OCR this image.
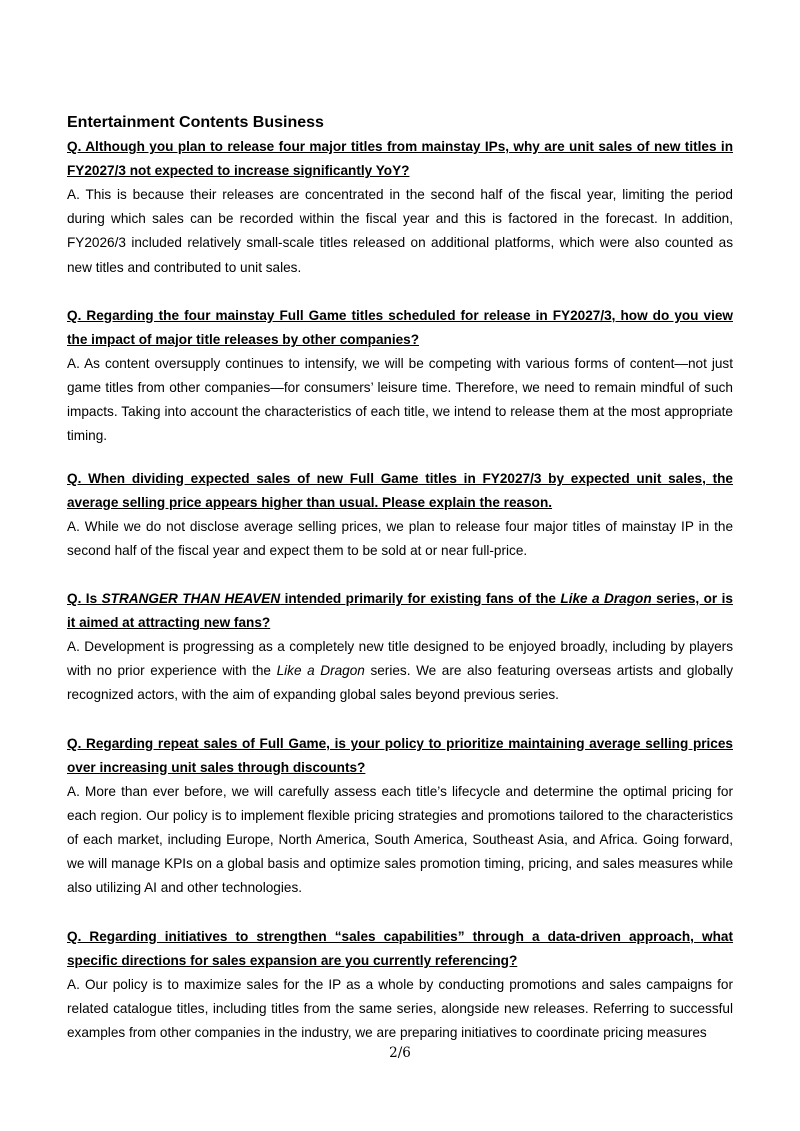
Entertainment Contents Business

Q. Although you plan to release four major titles from mainstay IPs, why are unit sales of new titles in FY2027/3 not expected to increase significantly YoY?

A. This is because their releases are concentrated in the second half of the fiscal year, limiting the period during which sales can be recorded within the fiscal year and this is factored in the forecast. In addition, FY2026/3 included relatively small-scale titles released on additional platforms, which were also counted as new titles and contributed to unit sales.

Q. Regarding the four mainstay Full Game titles scheduled for release in FY2027/3, how do you view the impact of major title releases by other companies?

A. As content oversupply continues to intensify, we will be competing with various forms of content—not just game titles from other companies—for consumers’ leisure time. Therefore, we need to remain mindful of such impacts. Taking into account the characteristics of each title, we intend to release them at the most appropriate timing.

Q. When dividing expected sales of new Full Game titles in FY2027/3 by expected unit sales, the average selling price appears higher than usual. Please explain the reason.

A. While we do not disclose average selling prices, we plan to release four major titles of mainstay IP in the second half of the fiscal year and expect them to be sold at or near full-price.

Q. Is STRANGER THAN HEAVEN intended primarily for existing fans of the Like a Dragon series, or is it aimed at attracting new fans?

A. Development is progressing as a completely new title designed to be enjoyed broadly, including by players with no prior experience with the Like a Dragon series. We are also featuring overseas artists and globally recognized actors, with the aim of expanding global sales beyond previous series.

Q. Regarding repeat sales of Full Game, is your policy to prioritize maintaining average selling prices over increasing unit sales through discounts?

A. More than ever before, we will carefully assess each title’s lifecycle and determine the optimal pricing for each region. Our policy is to implement flexible pricing strategies and promotions tailored to the characteristics of each market, including Europe, North America, South America, Southeast Asia, and Africa. Going forward, we will manage KPIs on a global basis and optimize sales promotion timing, pricing, and sales measures while also utilizing AI and other technologies.

Q. Regarding initiatives to strengthen “sales capabilities” through a data-driven approach, what specific directions for sales expansion are you currently referencing?

A. Our policy is to maximize sales for the IP as a whole by conducting promotions and sales campaigns for related catalogue titles, including titles from the same series, alongside new releases. Referring to successful examples from other companies in the industry, we are preparing initiatives to coordinate pricing measures

2/6
